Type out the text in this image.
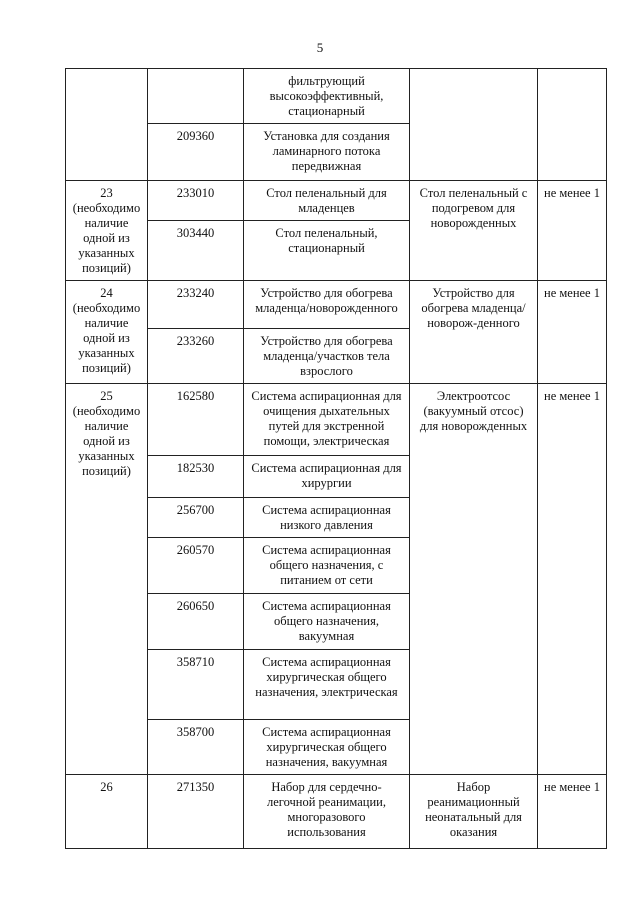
5
		фильтрующий высокоэффективный, стационарный		
	209360	Установка для создания ламинарного потока передвижная		
23 (необходимо наличие одной из указанных позиций)	233010	Стол пеленальный для младенцев	Стол пеленальный с подогревом для новорожденных	не менее 1
	303440	Стол пеленальный, стационарный		
24 (необходимо наличие одной из указанных позиций)	233240	Устройство для обогрева младенца/новорожденного	Устройство для обогрева младенца/новорож-денного	не менее 1
	233260	Устройство для обогрева младенца/участков тела взрослого		
25 (необходимо наличие одной из указанных позиций)	162580	Система аспирационная для очищения дыхательных путей для экстренной помощи, электрическая	Электроотсос (вакуумный отсос) для новорожденных	не менее 1
	182530	Система аспирационная для хирургии		
	256700	Система аспирационная низкого давления		
	260570	Система аспирационная общего назначения, с питанием от сети		
	260650	Система аспирационная общего назначения, вакуумная		
	358710	Система аспирационная хирургическая общего назначения, электрическая		
	358700	Система аспирационная хирургическая общего назначения, вакуумная		
26	271350	Набор для сердечно-легочной реанимации, многоразового использования	Набор реанимационный неонатальный для оказания	не менее 1
